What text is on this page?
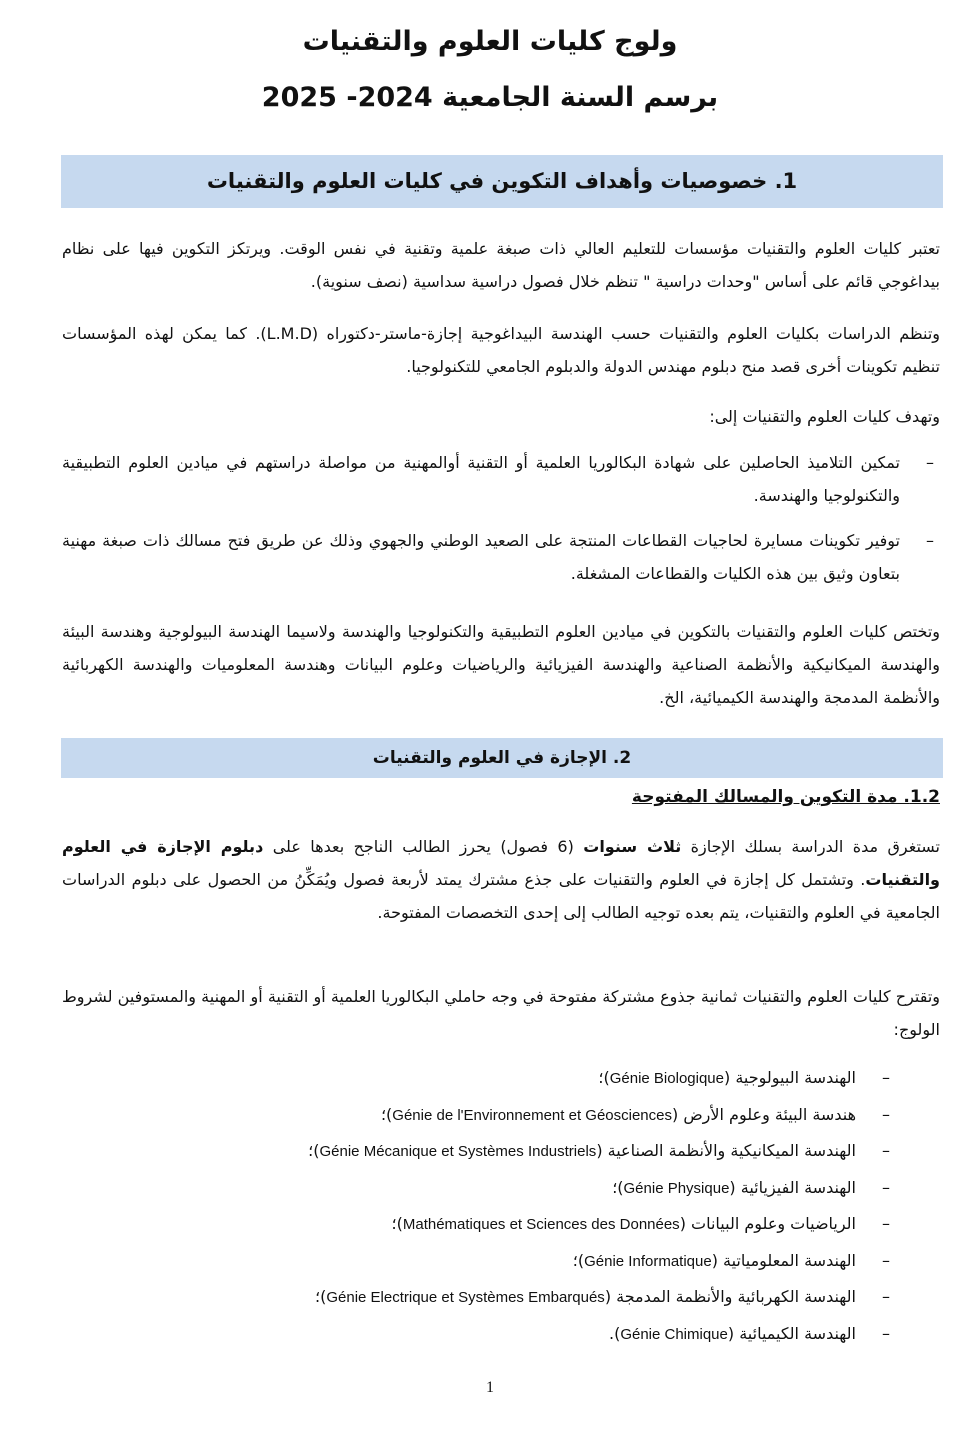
ولوج كليات العلوم والتقنيات
برسم السنة الجامعية 2024- 2025
1. خصوصيات وأهداف التكوين في كليات العلوم والتقنيات

تعتبر كليات العلوم والتقنيات مؤسسات للتعليم العالي ذات صبغة علمية وتقنية في نفس الوقت. ويرتكز التكوين فيها على نظام بيداغوجي قائم على أساس "وحدات دراسية " تنظم خلال فصول دراسية سداسية (نصف سنوية).

وتنظم الدراسات بكليات العلوم والتقنيات حسب الهندسة البيداغوجية إجازة-ماستر-دكتوراه (L.M.D). كما يمكن لهذه المؤسسات تنظيم تكوينات أخرى قصد منح دبلوم مهندس الدولة والدبلوم الجامعي للتكنولوجيا.

وتهدف كليات العلوم والتقنيات إلى:

–
تمكين التلاميذ الحاصلين على شهادة البكالوريا العلمية أو التقنية أوالمهنية من مواصلة دراستهم في ميادين العلوم التطبيقية والتكنولوجيا والهندسة.
–
توفير تكوينات مسايرة لحاجيات القطاعات المنتجة على الصعيد الوطني والجهوي وذلك عن طريق فتح مسالك ذات صبغة مهنية بتعاون وثيق بين هذه الكليات والقطاعات المشغلة.

وتختص كليات العلوم والتقنيات بالتكوين في ميادين العلوم التطبيقية والتكنولوجيا والهندسة ولاسيما الهندسة البيولوجية وهندسة البيئة والهندسة الميكانيكية والأنظمة الصناعية والهندسة الفيزيائية والرياضيات وعلوم البيانات وهندسة المعلوميات والهندسة الكهربائية والأنظمة المدمجة والهندسة الكيميائية، الخ.

2. الإجازة في العلوم والتقنيات
1.2. مدة التكوين والمسالك المفتوحة

تستغرق مدة الدراسة بسلك الإجازة ثلاث سنوات (6 فصول) يحرز الطالب الناجح بعدها على دبلوم الإجازة في العلوم والتقنيات. وتشتمل كل إجازة في العلوم والتقنيات على جذع مشترك يمتد لأربعة فصول ويُمَكِّنُ من الحصول على دبلوم الدراسات الجامعية في العلوم والتقنيات، يتم بعده توجيه الطالب إلى إحدى التخصصات المفتوحة.

وتقترح كليات العلوم والتقنيات ثمانية جذوع مشتركة مفتوحة في وجه حاملي البكالوريا العلمية أو التقنية أو المهنية والمستوفين لشروط الولوج:

–
الهندسة البيولوجية (Génie Biologique)؛
–
هندسة البيئة وعلوم الأرض (Génie de l'Environnement et Géosciences)؛
–
الهندسة الميكانيكية والأنظمة الصناعية (Génie Mécanique et Systèmes Industriels)؛
–
الهندسة الفيزيائية (Génie Physique)؛
–
الرياضيات وعلوم البيانات (Mathématiques et Sciences des Données)؛
–
الهندسة المعلومياتية (Génie Informatique)؛
–
الهندسة الكهربائية والأنظمة المدمجة (Génie Electrique et Systèmes Embarqués)؛
–
الهندسة الكيميائية (Génie Chimique).
1
